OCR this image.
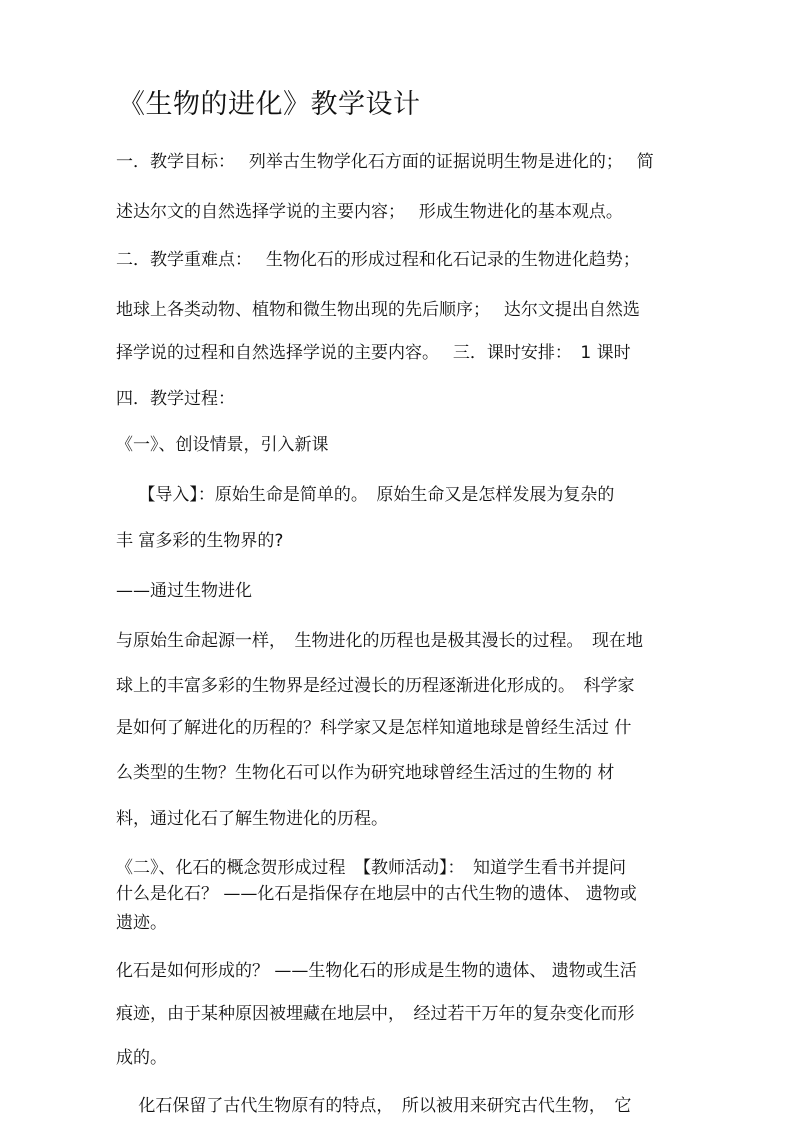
《生物的进化》教学设计
一．教学目标：　 列举古生物学化石方面的证据说明生物是进化的；　 简
述达尔文的自然选择学说的主要内容；　 形成生物进化的基本观点。
二．教学重难点：　 生物化石的形成过程和化石记录的生物进化趋势；
地球上各类动物、植物和微生物出现的先后顺序；　 达尔文提出自然选
择学说的过程和自然选择学说的主要内容。　 三．课时安排：　1 课时
四．教学过程：
《一》、创设情景，引入新课
　 【导入】：原始生命是简单的。　原始生命又是怎样发展为复杂的
丰 富多彩的生物界的?
——通过生物进化
与原始生命起源一样，　生物进化的历程也是极其漫长的过程。　现在地
球上的丰富多彩的生物界是经过漫长的历程逐渐进化形成的。　科学家
是如何了解进化的历程的？科学家又是怎样知道地球是曾经生活过 什
么类型的生物？生物化石可以作为研究地球曾经生活过的生物的 材
料，通过化石了解生物进化的历程。
《二》、化石的概念贺形成过程　【教师活动】：　知道学生看书并提问
什么是化石？ ——化石是指保存在地层中的古代生物的遗体、 遗物或
遗迹。
化石是如何形成的？ ——生物化石的形成是生物的遗体、 遗物或生活
痕迹，由于某种原因被埋藏在地层中，　经过若干万年的复杂变化而形
成的。
　 化石保留了古代生物原有的特点，　所以被用来研究古代生物，　它
